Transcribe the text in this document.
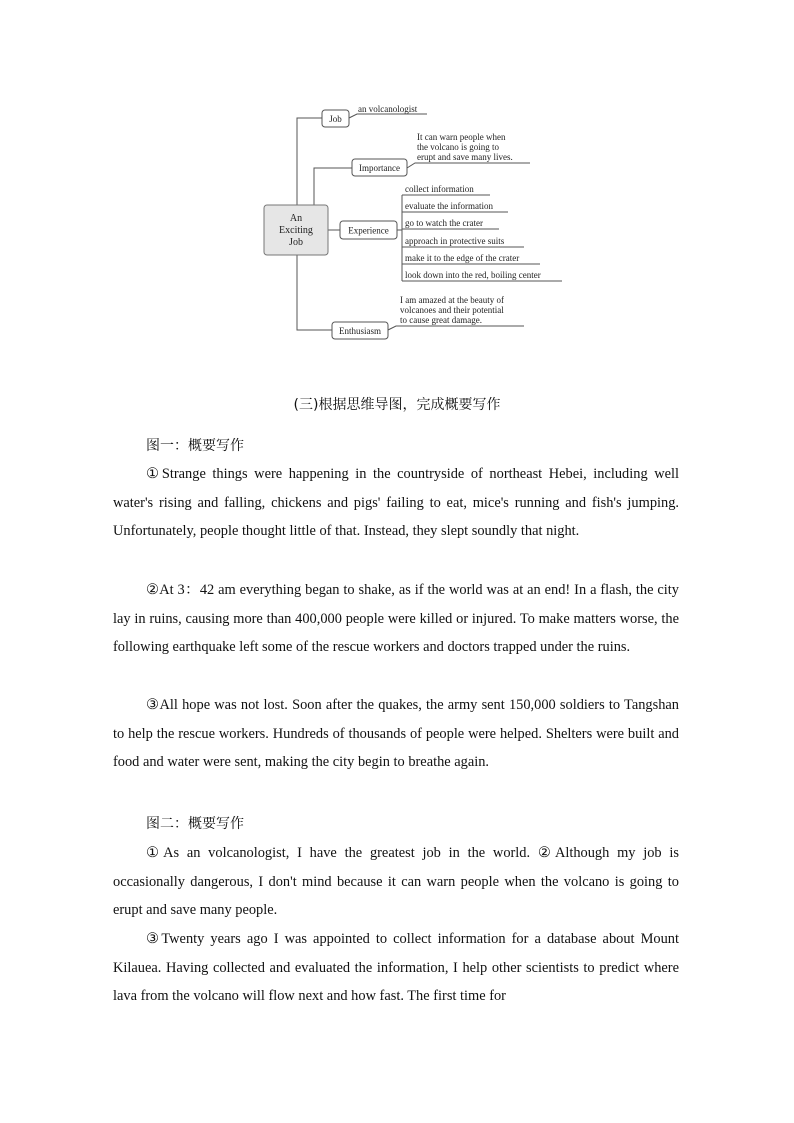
An
Exciting
Job
Job
an volcanologist
Importance
It can warn people when
the volcano is going to
erupt and save many lives.
Experience
collect information
evaluate the information
go to watch the crater
approach in protective suits
make it to the edge of the crater
look down into the red, boiling center
Enthusiasm
I am amazed at the beauty of
volcanoes and their potential
to cause great damage.
(三)根据思维导图，完成概要写作
图一：概要写作
①Strange things were happening in the countryside of northeast Hebei, including well water's rising and falling, chickens and pigs' failing to eat, mice's running and fish's jumping. Unfortunately, people thought little of that. Instead, they slept soundly that night.
②At 3：42 am everything began to shake, as if the world was at an end! In a flash, the city lay in ruins, causing more than 400,000 people were killed or injured. To make matters worse, the following earthquake left some of the rescue workers and doctors trapped under the ruins.
③All hope was not lost. Soon after the quakes, the army sent 150,000 soldiers to Tangshan to help the rescue workers. Hundreds of thousands of people were helped. Shelters were built and food and water were sent, making the city begin to breathe again.
图二：概要写作
①As an volcanologist, I have the greatest job in the world. ②Although my job is occasionally dangerous, I don't mind because it can warn people when the volcano is going to erupt and save many people.
③Twenty years ago I was appointed to collect information for a database about Mount Kilauea. Having collected and evaluated the information, I help other scientists to predict where lava from the volcano will flow next and how fast. The first time for
